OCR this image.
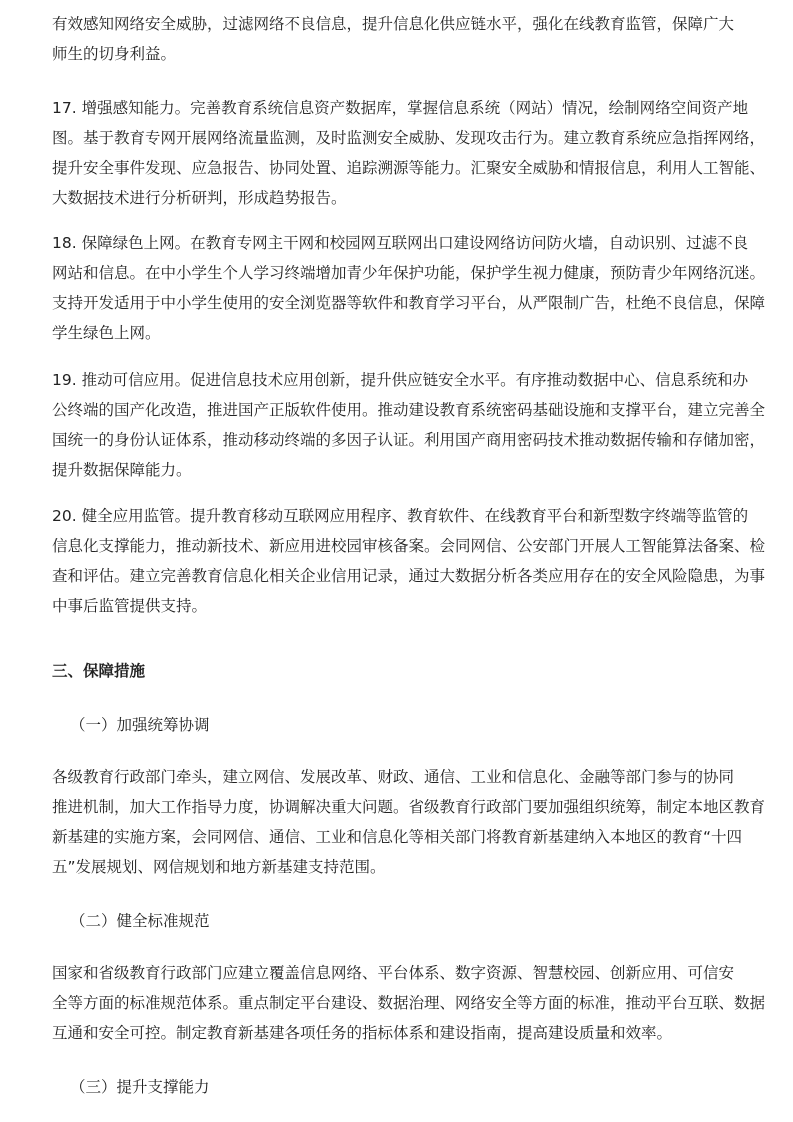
有效感知网络安全威胁，过滤网络不良信息，提升信息化供应链水平，强化在线教育监管，保障广大
师生的切身利益。
17. 增强感知能力。完善教育系统信息资产数据库，掌握信息系统（网站）情况，绘制网络空间资产地
图。基于教育专网开展网络流量监测，及时监测安全威胁、发现攻击行为。建立教育系统应急指挥网络，
提升安全事件发现、应急报告、协同处置、追踪溯源等能力。汇聚安全威胁和情报信息，利用人工智能、
大数据技术进行分析研判，形成趋势报告。
18. 保障绿色上网。在教育专网主干网和校园网互联网出口建设网络访问防火墙，自动识别、过滤不良
网站和信息。在中小学生个人学习终端增加青少年保护功能，保护学生视力健康，预防青少年网络沉迷。
支持开发适用于中小学生使用的安全浏览器等软件和教育学习平台，从严限制广告，杜绝不良信息，保障
学生绿色上网。
19. 推动可信应用。促进信息技术应用创新，提升供应链安全水平。有序推动数据中心、信息系统和办
公终端的国产化改造，推进国产正版软件使用。推动建设教育系统密码基础设施和支撑平台，建立完善全
国统一的身份认证体系，推动移动终端的多因子认证。利用国产商用密码技术推动数据传输和存储加密，
提升数据保障能力。
20. 健全应用监管。提升教育移动互联网应用程序、教育软件、在线教育平台和新型数字终端等监管的
信息化支撑能力，推动新技术、新应用进校园审核备案。会同网信、公安部门开展人工智能算法备案、检
查和评估。建立完善教育信息化相关企业信用记录，通过大数据分析各类应用存在的安全风险隐患，为事
中事后监管提供支持。
三、保障措施
（一）加强统筹协调
各级教育行政部门牵头，建立网信、发展改革、财政、通信、工业和信息化、金融等部门参与的协同
推进机制，加大工作指导力度，协调解决重大问题。省级教育行政部门要加强组织统筹，制定本地区教育
新基建的实施方案，会同网信、通信、工业和信息化等相关部门将教育新基建纳入本地区的教育“十四
五”发展规划、网信规划和地方新基建支持范围。
（二）健全标准规范
国家和省级教育行政部门应建立覆盖信息网络、平台体系、数字资源、智慧校园、创新应用、可信安
全等方面的标准规范体系。重点制定平台建设、数据治理、网络安全等方面的标准，推动平台互联、数据
互通和安全可控。制定教育新基建各项任务的指标体系和建设指南，提高建设质量和效率。
（三）提升支撑能力
